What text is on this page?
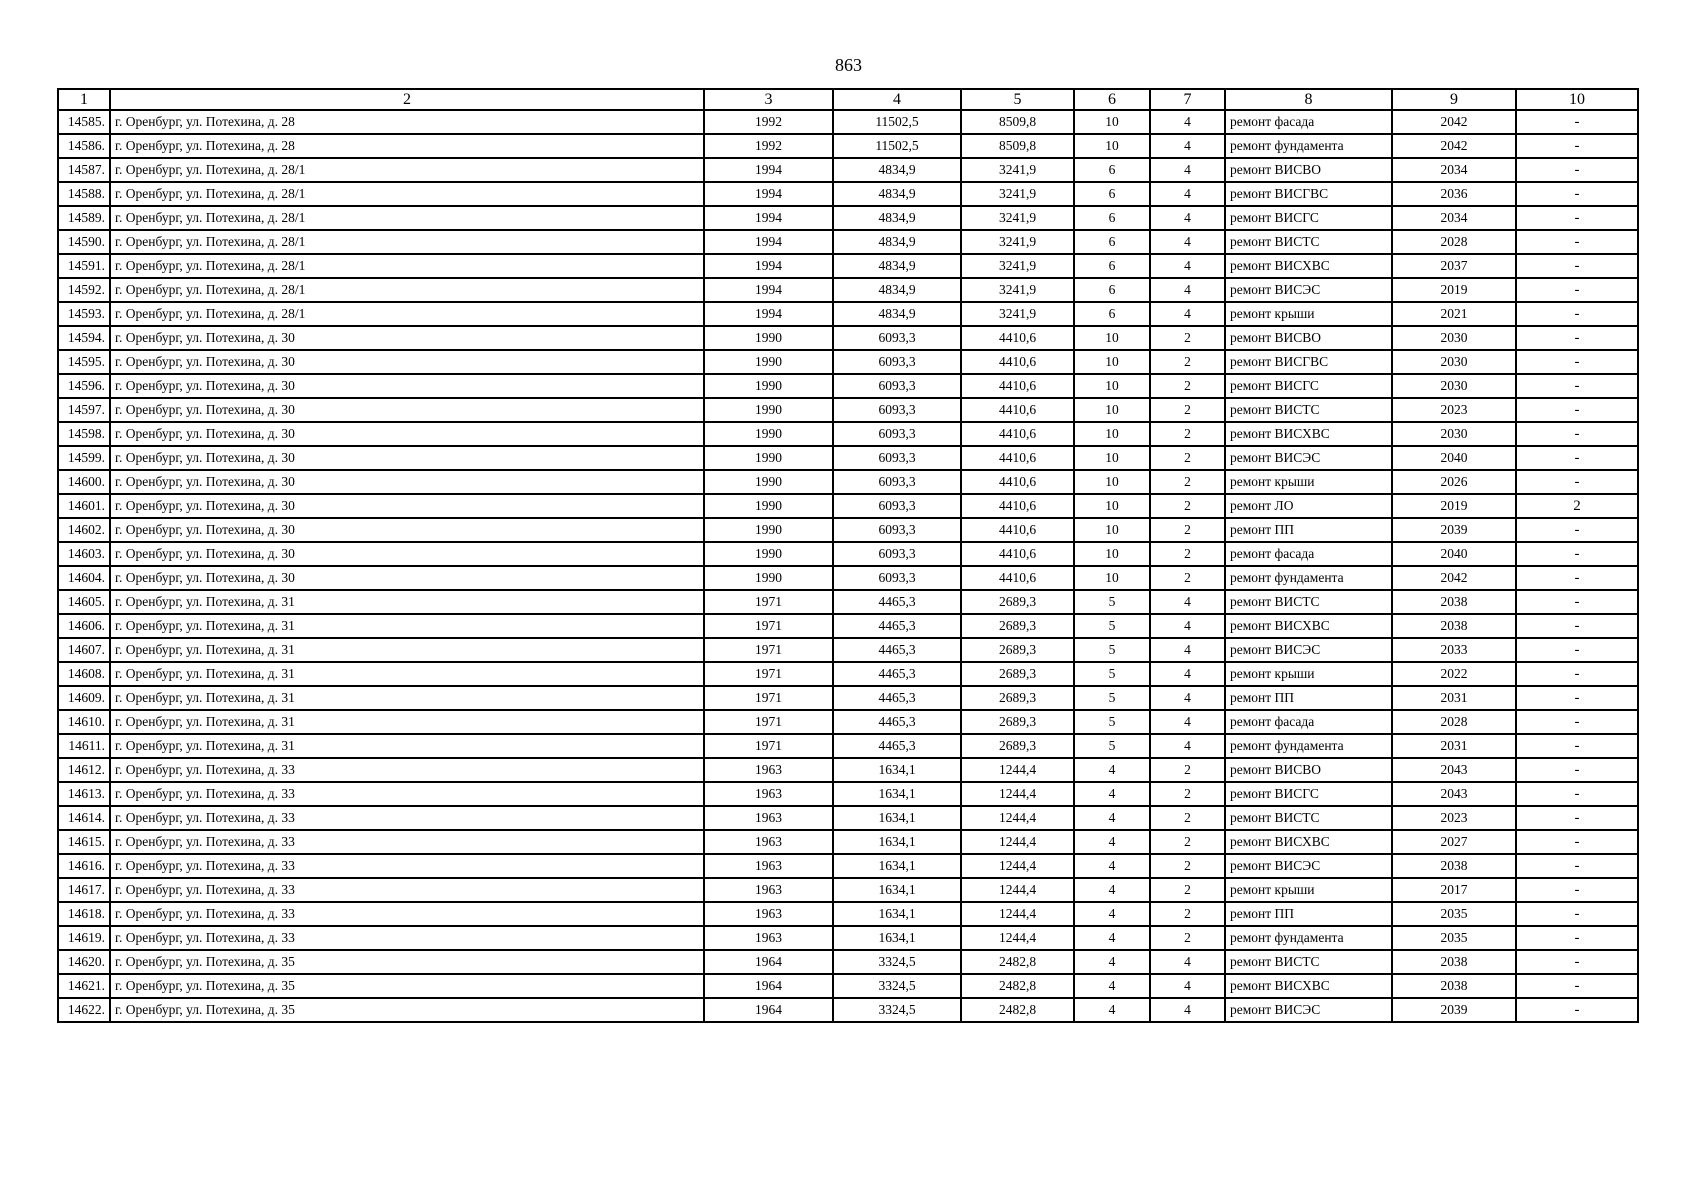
863
1	2	3	4	5	6	7	8	9	10
14585.	г. Оренбург, ул. Потехина, д. 28	1992	11502,5	8509,8	10	4	ремонт фасада	2042	-
14586.	г. Оренбург, ул. Потехина, д. 28	1992	11502,5	8509,8	10	4	ремонт фундамента	2042	-
14587.	г. Оренбург, ул. Потехина, д. 28/1	1994	4834,9	3241,9	6	4	ремонт ВИСВО	2034	-
14588.	г. Оренбург, ул. Потехина, д. 28/1	1994	4834,9	3241,9	6	4	ремонт ВИСГВС	2036	-
14589.	г. Оренбург, ул. Потехина, д. 28/1	1994	4834,9	3241,9	6	4	ремонт ВИСГС	2034	-
14590.	г. Оренбург, ул. Потехина, д. 28/1	1994	4834,9	3241,9	6	4	ремонт ВИСТС	2028	-
14591.	г. Оренбург, ул. Потехина, д. 28/1	1994	4834,9	3241,9	6	4	ремонт ВИСХВС	2037	-
14592.	г. Оренбург, ул. Потехина, д. 28/1	1994	4834,9	3241,9	6	4	ремонт ВИСЭС	2019	-
14593.	г. Оренбург, ул. Потехина, д. 28/1	1994	4834,9	3241,9	6	4	ремонт крыши	2021	-
14594.	г. Оренбург, ул. Потехина, д. 30	1990	6093,3	4410,6	10	2	ремонт ВИСВО	2030	-
14595.	г. Оренбург, ул. Потехина, д. 30	1990	6093,3	4410,6	10	2	ремонт ВИСГВС	2030	-
14596.	г. Оренбург, ул. Потехина, д. 30	1990	6093,3	4410,6	10	2	ремонт ВИСГС	2030	-
14597.	г. Оренбург, ул. Потехина, д. 30	1990	6093,3	4410,6	10	2	ремонт ВИСТС	2023	-
14598.	г. Оренбург, ул. Потехина, д. 30	1990	6093,3	4410,6	10	2	ремонт ВИСХВС	2030	-
14599.	г. Оренбург, ул. Потехина, д. 30	1990	6093,3	4410,6	10	2	ремонт ВИСЭС	2040	-
14600.	г. Оренбург, ул. Потехина, д. 30	1990	6093,3	4410,6	10	2	ремонт крыши	2026	-
14601.	г. Оренбург, ул. Потехина, д. 30	1990	6093,3	4410,6	10	2	ремонт ЛО	2019	2
14602.	г. Оренбург, ул. Потехина, д. 30	1990	6093,3	4410,6	10	2	ремонт ПП	2039	-
14603.	г. Оренбург, ул. Потехина, д. 30	1990	6093,3	4410,6	10	2	ремонт фасада	2040	-
14604.	г. Оренбург, ул. Потехина, д. 30	1990	6093,3	4410,6	10	2	ремонт фундамента	2042	-
14605.	г. Оренбург, ул. Потехина, д. 31	1971	4465,3	2689,3	5	4	ремонт ВИСТС	2038	-
14606.	г. Оренбург, ул. Потехина, д. 31	1971	4465,3	2689,3	5	4	ремонт ВИСХВС	2038	-
14607.	г. Оренбург, ул. Потехина, д. 31	1971	4465,3	2689,3	5	4	ремонт ВИСЭС	2033	-
14608.	г. Оренбург, ул. Потехина, д. 31	1971	4465,3	2689,3	5	4	ремонт крыши	2022	-
14609.	г. Оренбург, ул. Потехина, д. 31	1971	4465,3	2689,3	5	4	ремонт ПП	2031	-
14610.	г. Оренбург, ул. Потехина, д. 31	1971	4465,3	2689,3	5	4	ремонт фасада	2028	-
14611.	г. Оренбург, ул. Потехина, д. 31	1971	4465,3	2689,3	5	4	ремонт фундамента	2031	-
14612.	г. Оренбург, ул. Потехина, д. 33	1963	1634,1	1244,4	4	2	ремонт ВИСВО	2043	-
14613.	г. Оренбург, ул. Потехина, д. 33	1963	1634,1	1244,4	4	2	ремонт ВИСГС	2043	-
14614.	г. Оренбург, ул. Потехина, д. 33	1963	1634,1	1244,4	4	2	ремонт ВИСТС	2023	-
14615.	г. Оренбург, ул. Потехина, д. 33	1963	1634,1	1244,4	4	2	ремонт ВИСХВС	2027	-
14616.	г. Оренбург, ул. Потехина, д. 33	1963	1634,1	1244,4	4	2	ремонт ВИСЭС	2038	-
14617.	г. Оренбург, ул. Потехина, д. 33	1963	1634,1	1244,4	4	2	ремонт крыши	2017	-
14618.	г. Оренбург, ул. Потехина, д. 33	1963	1634,1	1244,4	4	2	ремонт ПП	2035	-
14619.	г. Оренбург, ул. Потехина, д. 33	1963	1634,1	1244,4	4	2	ремонт фундамента	2035	-
14620.	г. Оренбург, ул. Потехина, д. 35	1964	3324,5	2482,8	4	4	ремонт ВИСТС	2038	-
14621.	г. Оренбург, ул. Потехина, д. 35	1964	3324,5	2482,8	4	4	ремонт ВИСХВС	2038	-
14622.	г. Оренбург, ул. Потехина, д. 35	1964	3324,5	2482,8	4	4	ремонт ВИСЭС	2039	-
